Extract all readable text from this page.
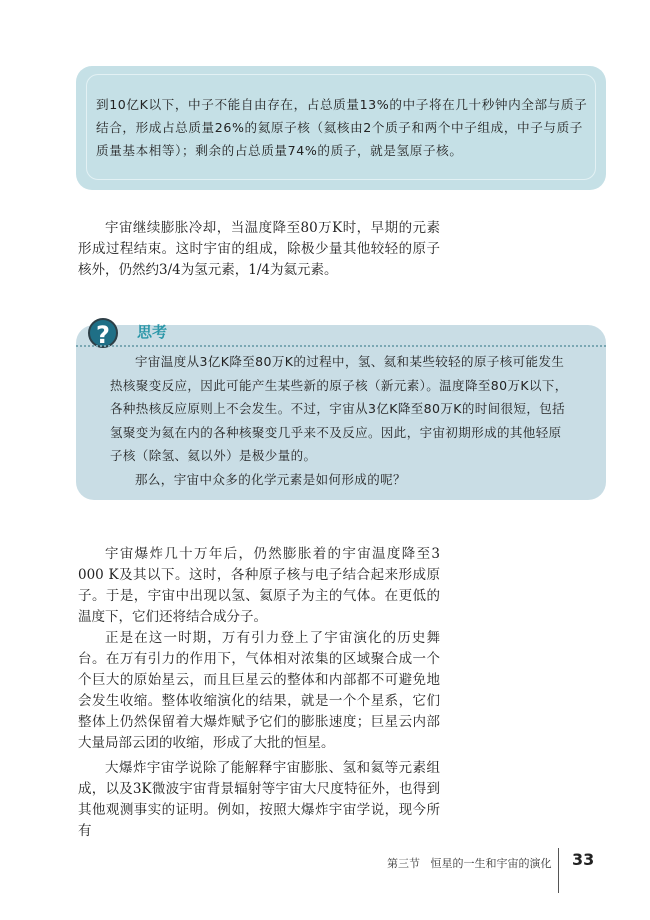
到10亿K以下，中子不能自由存在，占总质量13%的中子将在几十秒钟内全部与质子结合，形成占总质量26%的氦原子核（氦核由2个质子和两个中子组成，中子与质子质量基本相等）；剩余的占总质量74%的质子，就是氢原子核。
宇宙继续膨胀冷却，当温度降至80万K时，早期的元素形成过程结束。这时宇宙的组成，除极少量其他较轻的原子核外，仍然约3/4为氢元素，1/4为氦元素。
?	思考

宇宙温度从3亿K降至80万K的过程中，氢、氦和某些较轻的原子核可能发生热核聚变反应，因此可能产生某些新的原子核（新元素）。温度降至80万K以下，各种热核反应原则上不会发生。不过，宇宙从3亿K降至80万K的时间很短，包括氢聚变为氦在内的各种核聚变几乎来不及反应。因此，宇宙初期形成的其他轻原子核（除氢、氦以外）是极少量的。

那么，宇宙中众多的化学元素是如何形成的呢？

宇宙爆炸几十万年后，仍然膨胀着的宇宙温度降至3 000 K及其以下。这时，各种原子核与电子结合起来形成原子。于是，宇宙中出现以氢、氦原子为主的气体。在更低的温度下，它们还将结合成分子。
正是在这一时期，万有引力登上了宇宙演化的历史舞台。在万有引力的作用下，气体相对浓集的区域聚合成一个个巨大的原始星云，而且巨星云的整体和内部都不可避免地会发生收缩。整体收缩演化的结果，就是一个个星系，它们整体上仍然保留着大爆炸赋予它们的膨胀速度；巨星云内部大量局部云团的收缩，形成了大批的恒星。
大爆炸宇宙学说除了能解释宇宙膨胀、氢和氦等元素组成，以及3K微波宇宙背景辐射等宇宙大尺度特征外，也得到其他观测事实的证明。例如，按照大爆炸宇宙学说，现今所有
第三节   恒星的一生和宇宙的演化 33
